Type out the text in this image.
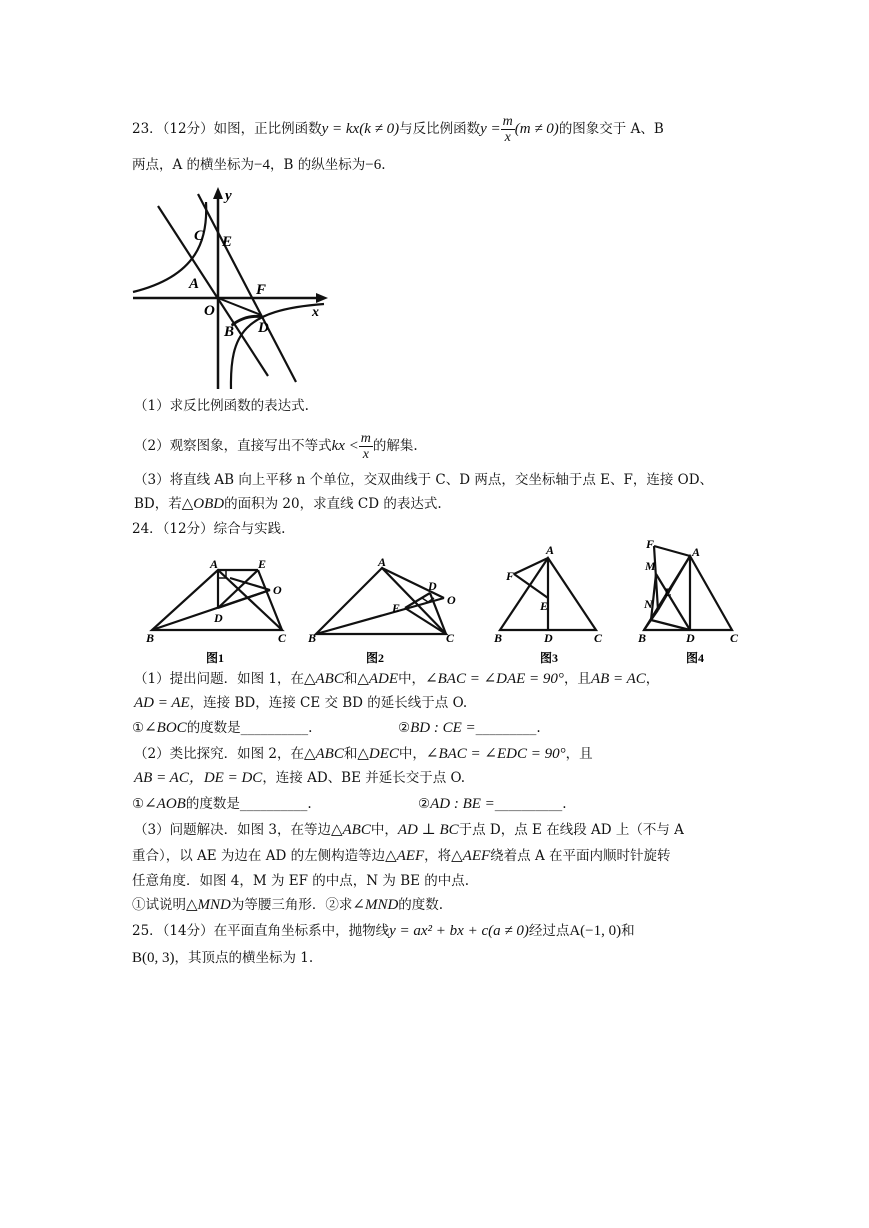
23．（12分）如图，正比例函数y = kx(k ≠ 0)与反比例函数$y = \frac{m}{x} (m \ne 0)$的图象交于 A、B
两点，A 的横坐标为−4，B 的纵坐标为−6.
y
x
C E
A	F
O
B D
（1）求反比例函数的表达式.
（2）观察图象，直接写出不等式kx < $\frac{m}{x}$ 的解集.
（3）将直线 AB 向上平移 n 个单位，交双曲线于 C、D 两点，交坐标轴于点 E、F，连接 OD、
BD，若△OBD的面积为 20，求直线 CD 的表达式.
24．（12分）综合与实践.
A	E
O
D
B	C
图1
A
D
O
E
B	C
图2
A
F
E
B	D	C
图3
F
A
M
E
N
B	D	C
图4
（1）提出问题．如图 1，在△ABC和△ADE中，∠BAC = ∠DAE = 90°，且AB = AC，
AD = AE，连接 BD，连接 CE 交 BD 的延长线于点 O.
①∠BOC的度数是__________.	②BD : CE =_________.
（2）类比探究．如图 2，在△ABC和△DEC中，∠BAC = ∠EDC = 90°，且
AB = AC，DE = DC，连接 AD、BE 并延长交于点 O.
①∠AOB的度数是__________.	②AD : BE =__________.
（3）问题解决．如图 3，在等边△ABC中，AD ⊥ BC于点 D，点 E 在线段 AD 上（不与 A
重合），以 AE 为边在 AD 的左侧构造等边△AEF，将△AEF绕着点 A 在平面内顺时针旋转
任意角度．如图 4，M 为 EF 的中点，N 为 BE 的中点.
①试说明△MND为等腰三角形．②求∠MND的度数.
25．（14分）在平面直角坐标系中，抛物线y = ax² + bx + c(a ≠ 0)经过点A(−1, 0)和
B(0, 3)，其顶点的横坐标为 1.
